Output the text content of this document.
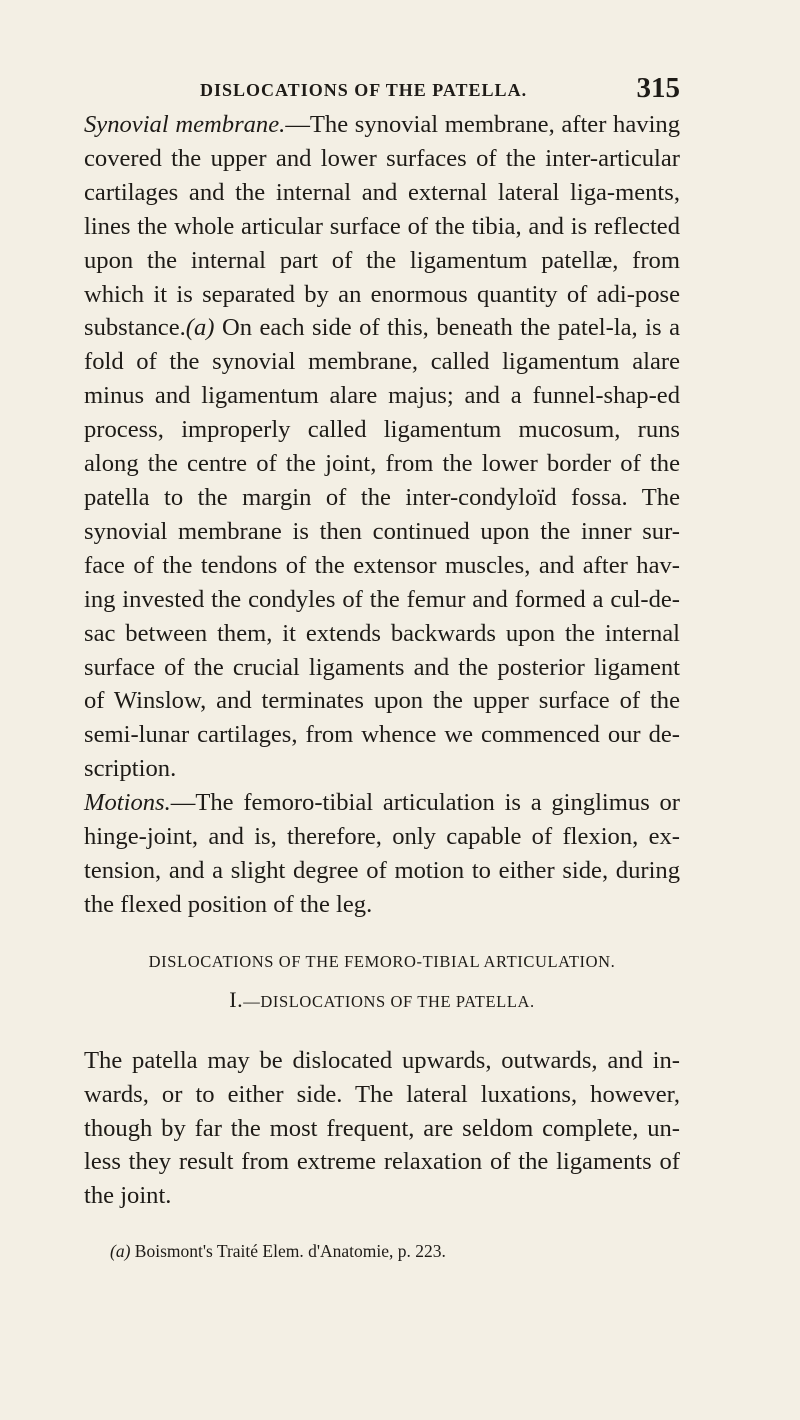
DISLOCATIONS OF THE PATELLA.	315

Synovial membrane.—The synovial membrane, after having covered the upper and lower surfaces of the inter-articular cartilages and the internal and external lateral liga-ments, lines the whole articular surface of the tibia, and is reflected upon the internal part of the ligamentum patellæ, from which it is separated by an enormous quantity of adi-pose substance.(a) On each side of this, beneath the patel-la, is a fold of the synovial membrane, called ligamentum alare minus and ligamentum alare majus; and a funnel-shap-ed process, improperly called ligamentum mucosum, runs along the centre of the joint, from the lower border of the patella to the margin of the inter-condyloïd fossa. The synovial membrane is then continued upon the inner sur-face of the tendons of the extensor muscles, and after hav-ing invested the condyles of the femur and formed a cul-de-sac between them, it extends backwards upon the internal surface of the crucial ligaments and the posterior ligament of Winslow, and terminates upon the upper surface of the semi-lunar cartilages, from whence we commenced our de-scription.

Motions.—The femoro-tibial articulation is a ginglimus or hinge-joint, and is, therefore, only capable of flexion, ex-tension, and a slight degree of motion to either side, during the flexed position of the leg.

DISLOCATIONS OF THE FEMORO-TIBIAL ARTICULATION.
I.—DISLOCATIONS OF THE PATELLA.

The patella may be dislocated upwards, outwards, and in-wards, or to either side. The lateral luxations, however, though by far the most frequent, are seldom complete, un-less they result from extreme relaxation of the ligaments of the joint.

(a) Boismont's Traité Elem. d'Anatomie, p. 223.
